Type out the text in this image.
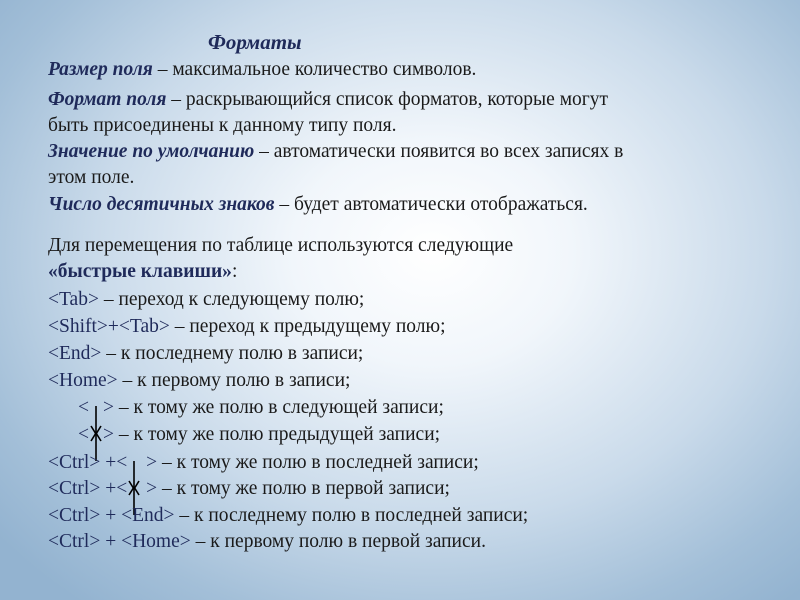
Форматы
Размер поля – максимальное количество символов.
Формат поля – раскрывающийся список форматов, которые могут
быть присоединены к данному типу поля.
Значение по умолчанию – автоматически появится во всех записях в
этом поле.
Число десятичных знаков – будет автоматически отображаться.
Для перемещения по таблице используются следующие
«быстрые клавиши»:
<Tab> – переход к следующему полю;
<Shift>+<Tab> – переход к предыдущему полю;
<End> – к последнему полю в записи;
<Home> – к первому полю в записи;
< > – к тому же полю в следующей записи;
< > – к тому же полю предыдущей записи;
<Ctrl> +<
> – к тому же полю в последней записи;
<Ctrl> +<
> – к тому же полю в первой записи;
<Ctrl> + <End> – к последнему полю в последней записи;
<Ctrl> + <Home> – к первому полю в первой записи.
